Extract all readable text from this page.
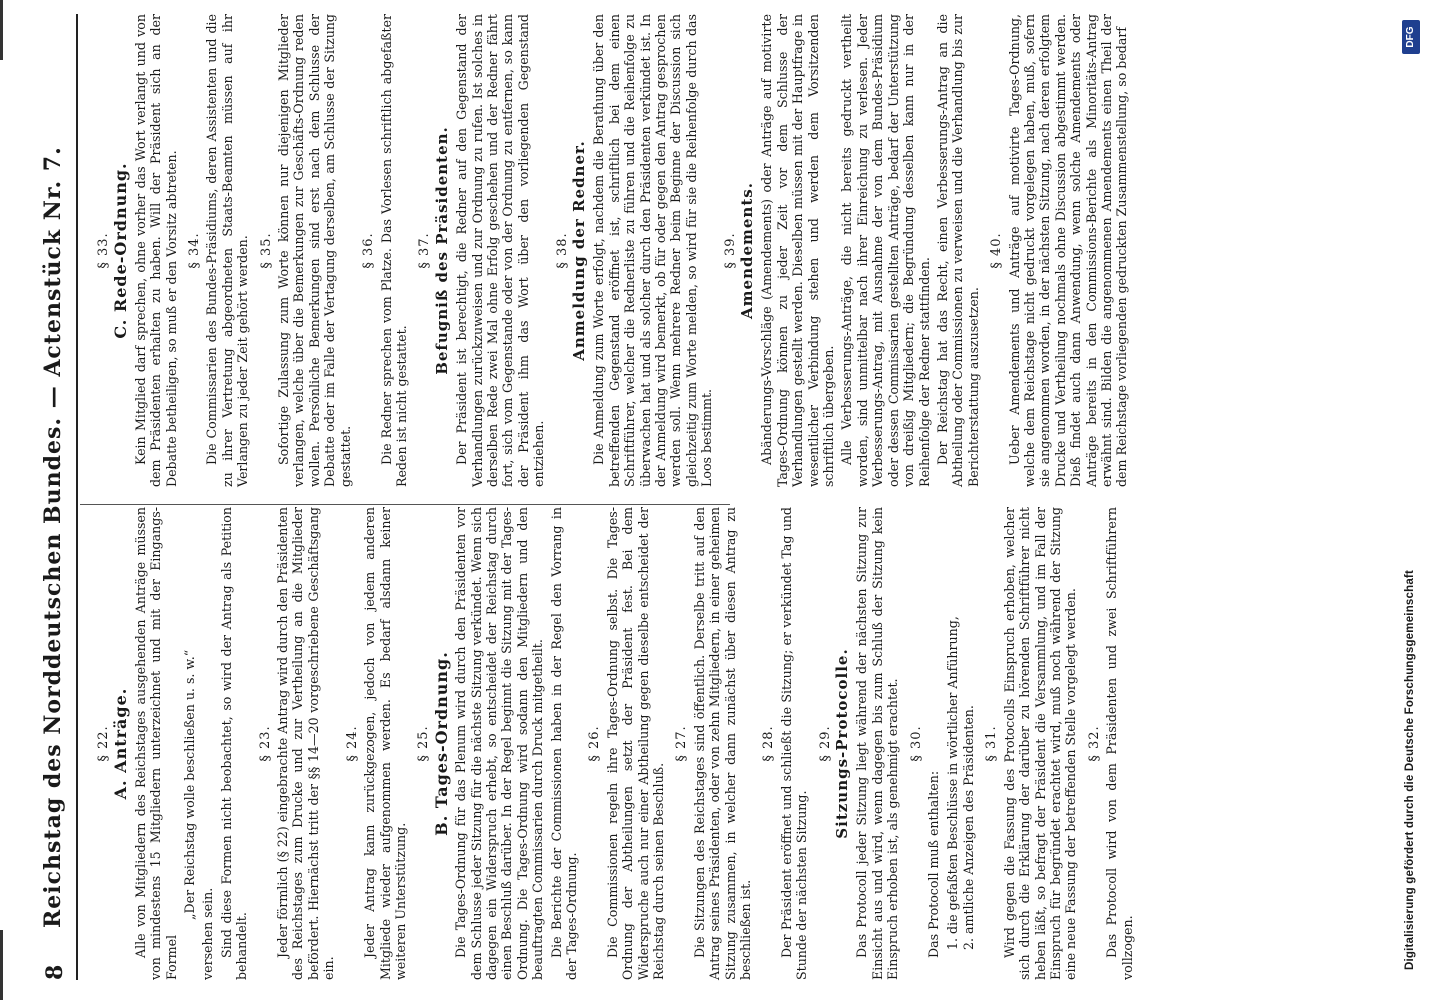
8
Reichstag des Norddeutschen Bundes. — Actenstück Nr. 7. § 22. A. Anträge. Alle von Mitgliedern des Reichstages ausgehenden Anträge müssen von mindestens 15 Mitgliedern unterzeichnet und mit der Eingangs-Formel

„Der Reichstag wolle beschließen u. s. w.“

versehen sein. Sind diese Formen nicht beobachtet, so wird der Antrag als Petition behandelt.

§ 23. Jeder förmlich (§ 22) eingebrachte Antrag wird durch den Präsidenten des Reichstages zum Drucke und zur Vertheilung an die Mitglieder befördert. Hiernächst tritt der §§ 14—20 vorgeschriebene Geschäftsgang ein.

§ 24. Jeder Antrag kann zurückgezogen, jedoch von jedem anderen Mitgliede wieder aufgenommen werden. Es bedarf alsdann keiner weiteren Unterstützung.

§ 25. B. Tages-Ordnung. Die Tages-Ordnung für das Plenum wird durch den Präsidenten vor dem Schlusse jeder Sitzung für die nächste Sitzung verkündet. Wenn sich dagegen ein Widerspruch erhebt, so entscheidet der Reichstag durch einen Beschluß darüber. In der Regel beginnt die Sitzung mit der Tages-Ordnung. Die Tages-Ordnung wird sodann den Mitgliedern und den beauftragten Commissarien durch Druck mitgetheilt. Die Berichte der Commissionen haben in der Regel den Vorrang in der Tages-Ordnung.

§ 26. Die Commissionen regeln ihre Tages-Ordnung selbst. Die Tages-Ordnung der Abtheilungen setzt der Präsident fest. Bei dem Widerspruche auch nur einer Abtheilung gegen dieselbe entscheidet der Reichstag durch seinen Beschluß.

§ 27. Die Sitzungen des Reichstages sind öffentlich. Derselbe tritt auf den Antrag seines Präsidenten, oder von zehn Mitgliedern, in einer geheimen Sitzung zusammen, in welcher dann zunächst über diesen Antrag zu beschließen ist.

§ 28. Der Präsident eröffnet und schließt die Sitzung; er verkündet Tag und Stunde der nächsten Sitzung.

§ 29. Sitzungs-Protocolle. Das Protocoll jeder Sitzung liegt während der nächsten Sitzung zur Einsicht aus und wird, wenn dagegen bis zum Schluß der Sitzung kein Einspruch erhoben ist, als genehmigt erachtet. § 30.

Das Protocoll muß enthalten: 1. die gefaßten Beschlüsse in wörtlicher Anführung, 2. amtliche Anzeigen des Präsidenten. § 31. Wird gegen die Fassung des Protocolls Einspruch erhoben, welcher sich durch die Erklärung der darüber zu hörenden Schriftführer nicht heben läßt, so befragt der Präsident die Versammlung, und im Fall der Einspruch für begründet erachtet wird, muß noch während der Sitzung eine neue Fassung der betreffenden Stelle vorgelegt werden. § 32. Das Protocoll wird von dem Präsidenten und zwei Schriftführern vollzogen.

§ 33. C. Rede-Ordnung. Kein Mitglied darf sprechen, ohne vorher das Wort verlangt und von dem Präsidenten erhalten zu haben. Will der Präsident sich an der Debatte betheiligen, so muß er den Vorsitz abtreten. § 34. Die Commissarien des Bundes-Präsidiums, deren Assistenten und die zu ihrer Vertretung abgeordneten Staats-Beamten müssen auf ihr Verlangen zu jeder Zeit gehört werden. § 35. Sofortige Zulassung zum Worte können nur diejenigen Mitglieder verlangen, welche über die Bemerkungen zur Geschäfts-Ordnung reden wollen. Persönliche Bemerkungen sind erst nach dem Schlusse der Debatte oder im Falle der Vertagung derselben, am Schlusse der Sitzung gestattet.

§ 36. Die Redner sprechen vom Platze. Das Vorlesen schriftlich abgefaßter Reden ist nicht gestattet.

§ 37. Befugniß des Präsidenten. Der Präsident ist berechtigt, die Redner auf den Gegenstand der Verhandlungen zurückzuweisen und zur Ordnung zu rufen. Ist solches in derselben Rede zwei Mal ohne Erfolg geschehen und der Redner fährt fort, sich vom Gegenstande oder von der Ordnung zu entfernen, so kann der Präsident ihm das Wort über den vorliegenden Gegenstand entziehen.

§ 38. Anmeldung der Redner. Die Anmeldung zum Worte erfolgt, nachdem die Berathung über den betreffenden Gegenstand eröffnet ist, schriftlich bei dem einen Schriftführer, welcher die Rednerliste zu führen und die Reihenfolge zu überwachen hat und als solcher durch den Präsidenten verkündet ist. In der Anmeldung wird bemerkt, ob für oder gegen den Antrag gesprochen werden soll. Wenn mehrere Redner beim Beginne der Discussion sich gleichzeitig zum Worte melden, so wird für sie die Reihenfolge durch das Loos bestimmt.

§ 39. Amendements. Abänderungs-Vorschläge (Amendements) oder Anträge auf motivirte Tages-Ordnung können zu jeder Zeit vor dem Schlusse der Verhandlungen gestellt werden. Dieselben müssen mit der Hauptfrage in wesentlicher Verbindung stehen und werden dem Vorsitzenden schriftlich übergeben. Alle Verbesserungs-Anträge, die nicht bereits gedruckt vertheilt worden, sind unmittelbar nach ihrer Einreichung zu verlesen. Jeder Verbesserungs-Antrag, mit Ausnahme der von dem Bundes-Präsidium oder dessen Commissarien gestellten Anträge, bedarf der Unterstützung von dreißig Mitgliedern; die Begründung desselben kann nur in der Reihenfolge der Redner stattfinden. Der Reichstag hat das Recht, einen Verbesserungs-Antrag an die Abtheilung oder Commissionen zu verweisen und die Verhandlung bis zur Berichterstattung auszusetzen.

§ 40. Ueber Amendements und Anträge auf motivirte Tages-Ordnung, welche dem Reichstage nicht gedruckt vorgelegen haben, muß, sofern sie angenommen worden, in der nächsten Sitzung, nach deren erfolgtem Drucke und Vertheilung nochmals ohne Discussion abgestimmt werden. Dieß findet auch dann Anwendung, wenn solche Amendements oder Anträge bereits in den Commissions-Berichte als Minoritäts-Antrag erwähnt sind. Bilden die angenommenen Amendements einen Theil der dem Reichstage vorliegenden gedruckten Zusammenstellung, so bedarf

Digitalisierung gefördert durch die Deutsche Forschungsgemeinschaft
DFG
